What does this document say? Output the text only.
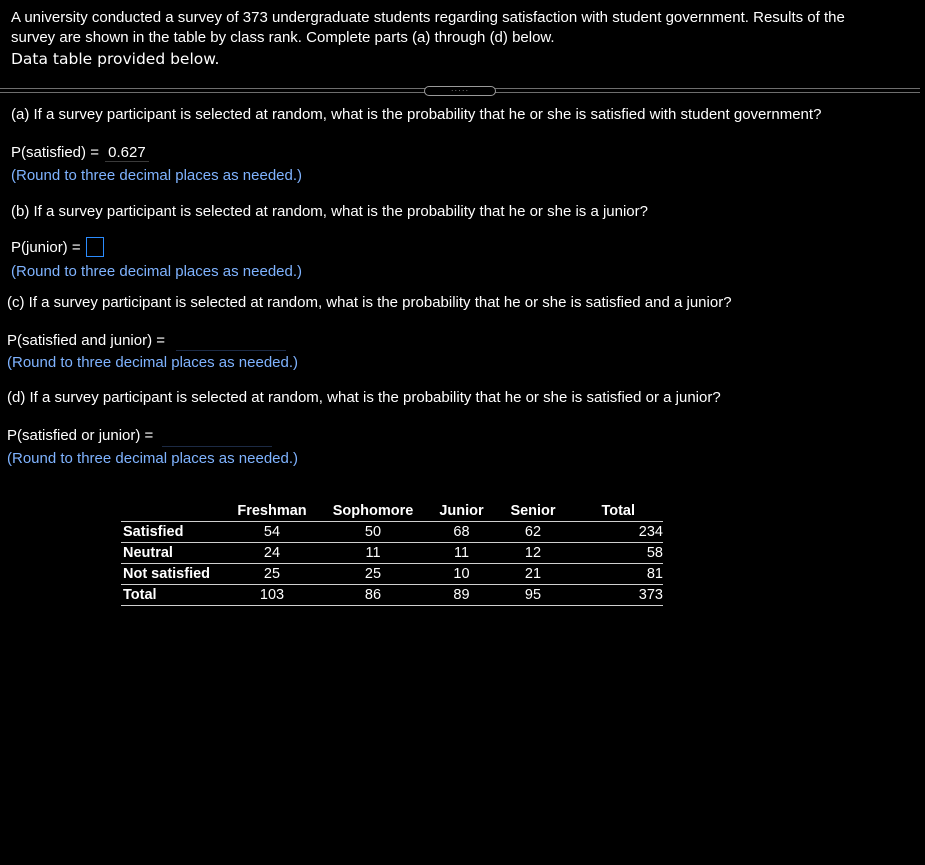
A university conducted a survey of 373 undergraduate students regarding satisfaction with student government. Results of the
survey are shown in the table by class rank. Complete parts (a) through (d) below.
Data table provided below.
·····
(a) If a survey participant is selected at random, what is the probability that he or she is satisfied with student government?
P(satisfied) = 0.627
(Round to three decimal places as needed.)
(b) If a survey participant is selected at random, what is the probability that he or she is a junior?
P(junior) =
(Round to three decimal places as needed.)
(c) If a survey participant is selected at random, what is the probability that he or she is satisfied and a junior?
P(satisfied and junior) =
(Round to three decimal places as needed.)
(d) If a survey participant is selected at random, what is the probability that he or she is satisfied or a junior?
P(satisfied or junior) =
(Round to three decimal places as needed.)
	Freshman	Sophomore	Junior	Senior	Total
Satisfied	54	50	68	62	234
Neutral	24	11	11	12	58
Not satisfied	25	25	10	21	81
Total	103	86	89	95	373
